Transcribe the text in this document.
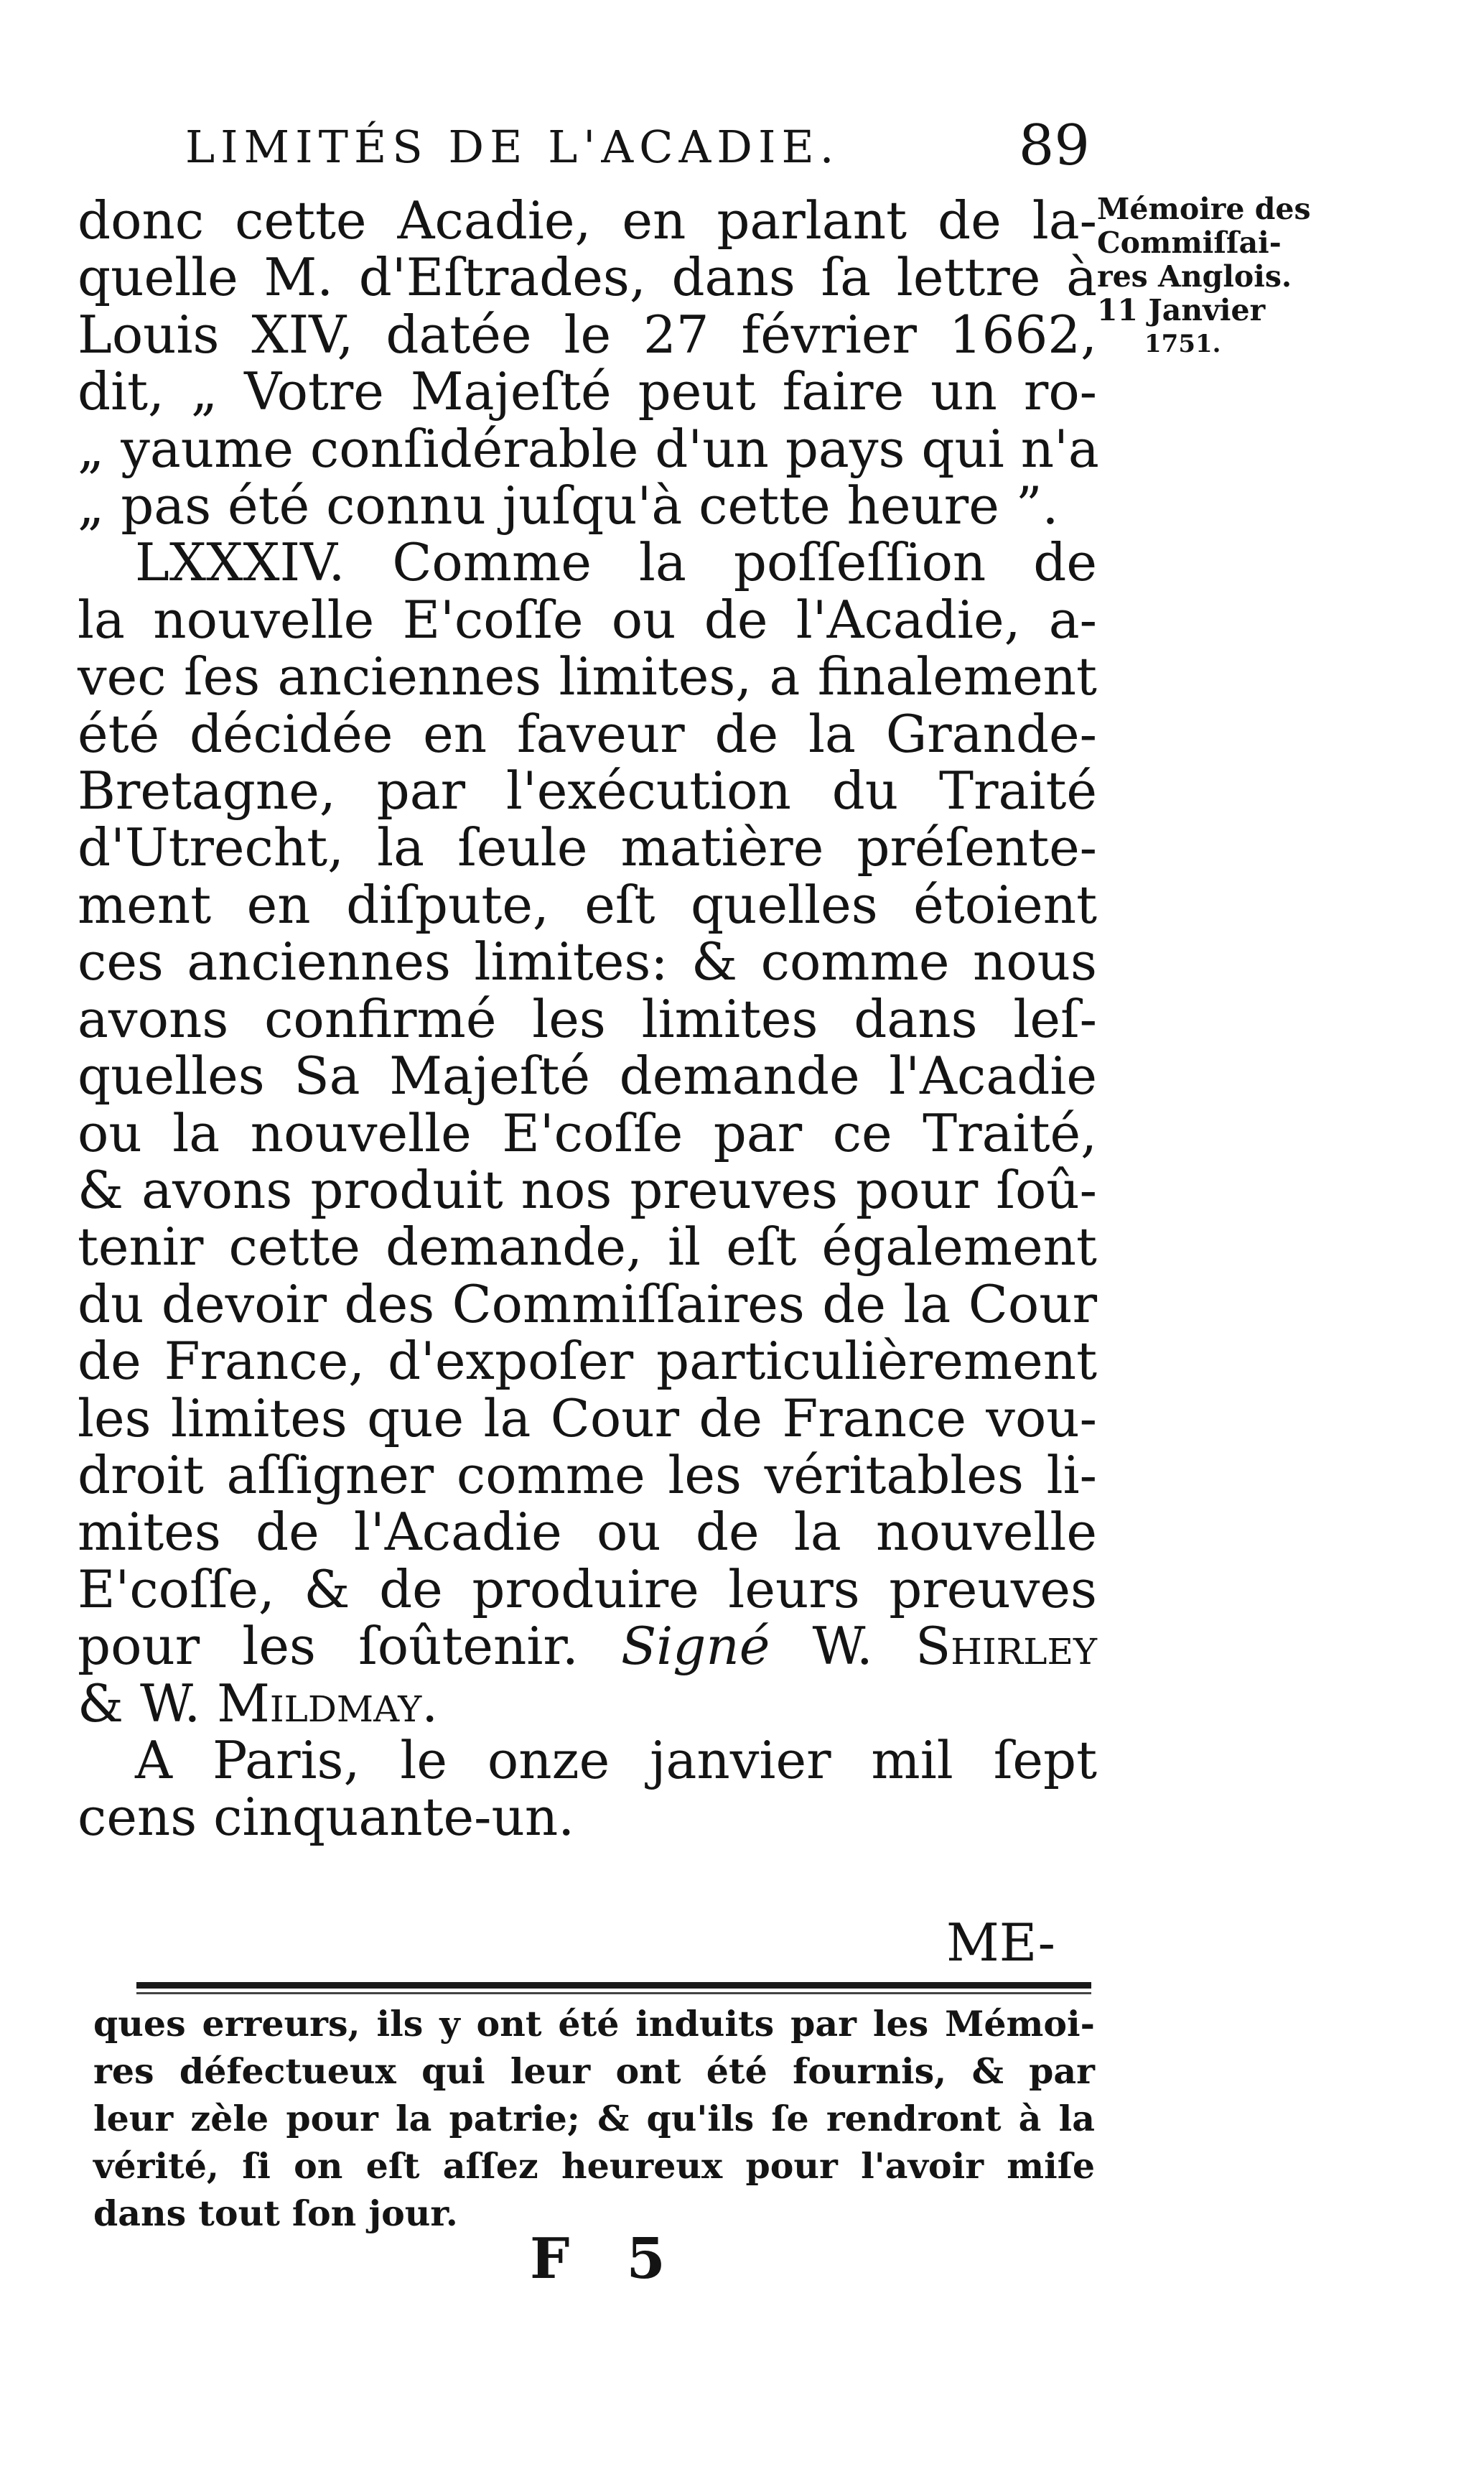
LIMITÉS DE L'ACADIE.	89
donc cette Acadie, en parlant de la-
quelle M. d'Eſtrades, dans ſa lettre à
Louis XIV, datée le 27 février 1662,
dit, „ Votre Majeſté peut faire un ro-
„ yaume conſidérable d'un pays qui n'a
„ pas été connu juſqu'à cette heure ”.
LXXXIV. Comme la poſſeſſion de
la nouvelle E'coſſe ou de l'Acadie, a-
vec ſes anciennes limites, a finalement
été décidée en faveur de la Grande-
Bretagne, par l'exécution du Traité
d'Utrecht, la ſeule matière préſente-
ment en diſpute, eſt quelles étoient
ces anciennes limites: & comme nous
avons confirmé les limites dans leſ-
quelles Sa Majeſté demande l'Acadie
ou la nouvelle E'coſſe par ce Traité,
& avons produit nos preuves pour ſoû-
tenir cette demande, il eſt également
du devoir des Commiſſaires de la Cour
de France, d'expoſer particulièrement
les limites que la Cour de France vou-
droit aſſigner comme les véritables li-
mites de l'Acadie ou de la nouvelle
E'coſſe, & de produire leurs preuves
pour les ſoûtenir. Signé W. Shirley
& W. Mildmay.
A Paris, le onze janvier mil ſept
cens cinquante-un.
ME-
Mémoire des
Commiſſai-
res Anglois.
11 Janvier
1751.
ques erreurs, ils y ont été induits par les Mémoi-
res défectueux qui leur ont été fournis, & par
leur zèle pour la patrie; & qu'ils ſe rendront à la
vérité, ſi on eſt aſſez heureux pour l'avoir miſe
dans tout ſon jour.
F 5
